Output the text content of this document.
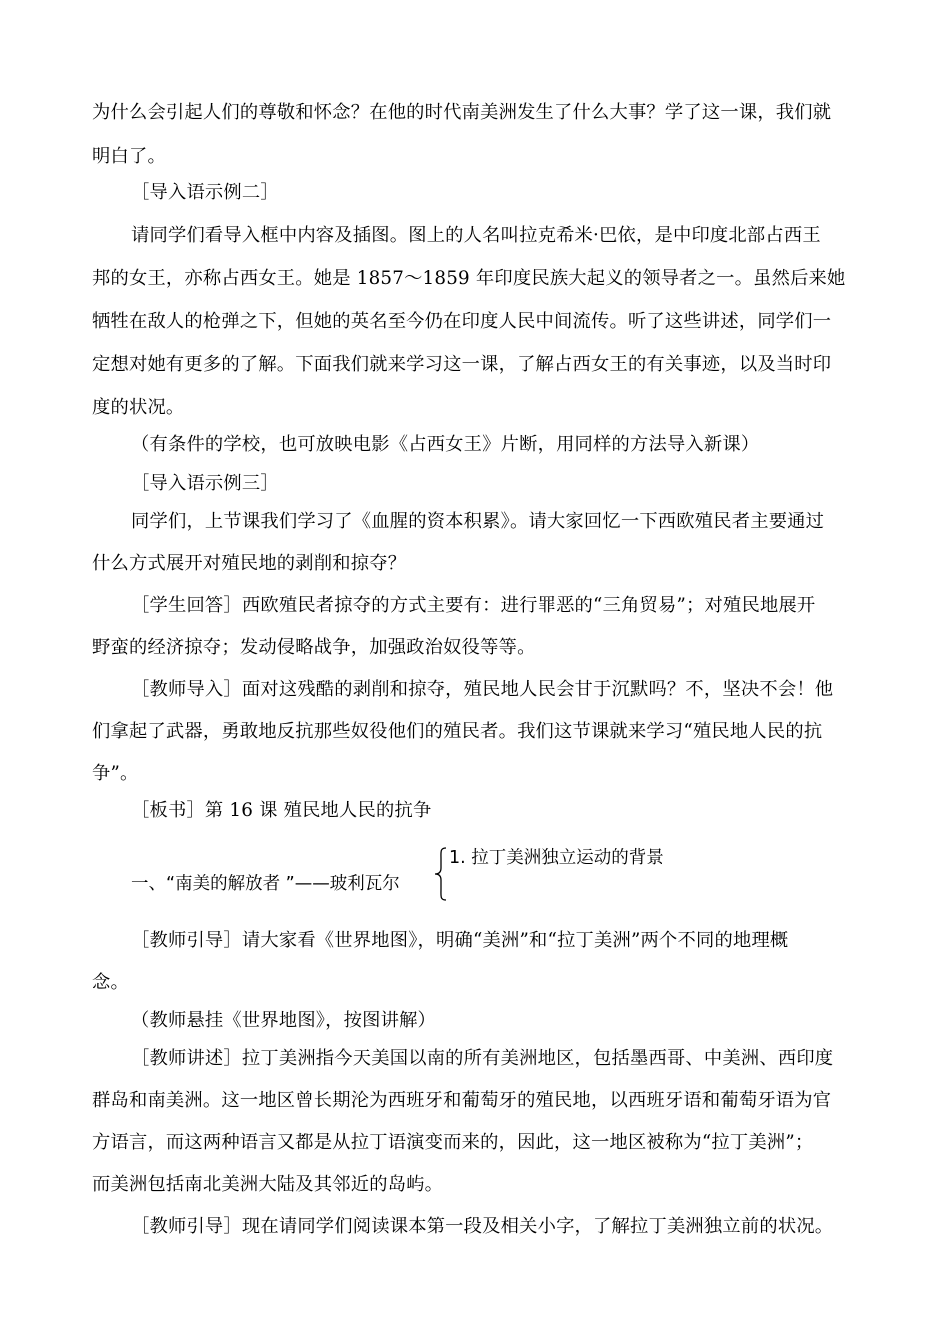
为什么会引起人们的尊敬和怀念？在他的时代南美洲发生了什么大事？学了这一课，我们就
明白了。
［导入语示例二］
请同学们看导入框中内容及插图。图上的人名叫拉克希米·巴依，是中印度北部占西王
邦的女王，亦称占西女王。她是 1857～1859 年印度民族大起义的领导者之一。虽然后来她
牺牲在敌人的枪弹之下，但她的英名至今仍在印度人民中间流传。听了这些讲述，同学们一
定想对她有更多的了解。下面我们就来学习这一课，了解占西女王的有关事迹，以及当时印
度的状况。
（有条件的学校，也可放映电影《占西女王》片断，用同样的方法导入新课）
［导入语示例三］
同学们，上节课我们学习了《血腥的资本积累》。请大家回忆一下西欧殖民者主要通过
什么方式展开对殖民地的剥削和掠夺？
［学生回答］西欧殖民者掠夺的方式主要有：进行罪恶的“三角贸易”；对殖民地展开
野蛮的经济掠夺；发动侵略战争，加强政治奴役等等。
［教师导入］面对这残酷的剥削和掠夺，殖民地人民会甘于沉默吗？不，坚决不会！他
们拿起了武器，勇敢地反抗那些奴役他们的殖民者。我们这节课就来学习“殖民地人民的抗
争”。
［板书］第 16 课 殖民地人民的抗争
一、“南美的解放者 ”——玻利瓦尔
1. 拉丁美洲独立运动的背景
［教师引导］请大家看《世界地图》，明确“美洲”和“拉丁美洲”两个不同的地理概
念。
（教师悬挂《世界地图》，按图讲解）
［教师讲述］拉丁美洲指今天美国以南的所有美洲地区，包括墨西哥、中美洲、西印度
群岛和南美洲。这一地区曾长期沦为西班牙和葡萄牙的殖民地，以西班牙语和葡萄牙语为官
方语言，而这两种语言又都是从拉丁语演变而来的，因此，这一地区被称为“拉丁美洲”；
而美洲包括南北美洲大陆及其邻近的岛屿。
［教师引导］现在请同学们阅读课本第一段及相关小字，了解拉丁美洲独立前的状况。
